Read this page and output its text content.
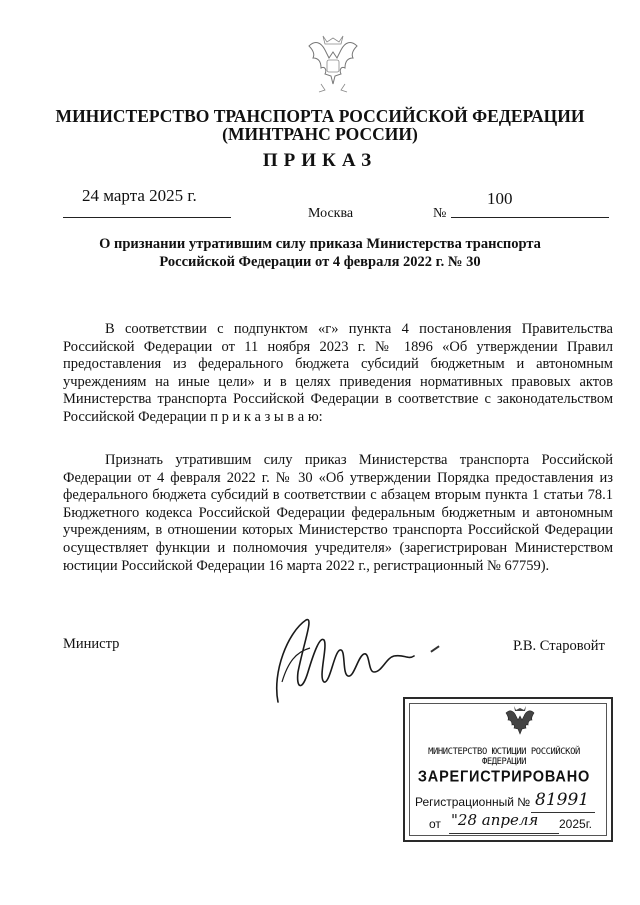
МИНИСТЕРСТВО ТРАНСПОРТА РОССИЙСКОЙ ФЕДЕРАЦИИ
(МИНТРАНС РОССИИ)
ПРИКАЗ
24 марта 2025 г.
Москва	№
100
О признании утратившим силу приказа Министерства транспорта
Российской Федерации от 4 февраля 2022 г. № 30
В соответствии с подпунктом «г» пункта 4 постановления Правительства Российской Федерации от 11 ноября 2023 г. № 1896 «Об утверждении Правил предоставления из федерального бюджета субсидий бюджетным и автономным учреждениям на иные цели» и в целях приведения нормативных правовых актов Министерства транспорта Российской Федерации в соответствие с законодательством Российской Федерации п р и к а з ы в а ю:
Признать утратившим силу приказ Министерства транспорта Российской Федерации от 4 февраля 2022 г. № 30 «Об утверждении Порядка предоставления из федерального бюджета субсидий в соответствии с абзацем вторым пункта 1 статьи 78.1 Бюджетного кодекса Российской Федерации федеральным бюджетным и автономным учреждениям, в отношении которых Министерство транспорта Российской Федерации осуществляет функции и полномочия учредителя» (зарегистрирован Министерством юстиции Российской Федерации 16 марта 2022 г., регистрационный № 67759).
Министр	Р.В. Старовойт
МИНИСТЕРСТВО ЮСТИЦИИ РОССИЙСКОЙ ФЕДЕРАЦИИ
ЗАРЕГИСТРИРОВАНО
Регистрационный № 81991
от "28 апреля 2025г.
